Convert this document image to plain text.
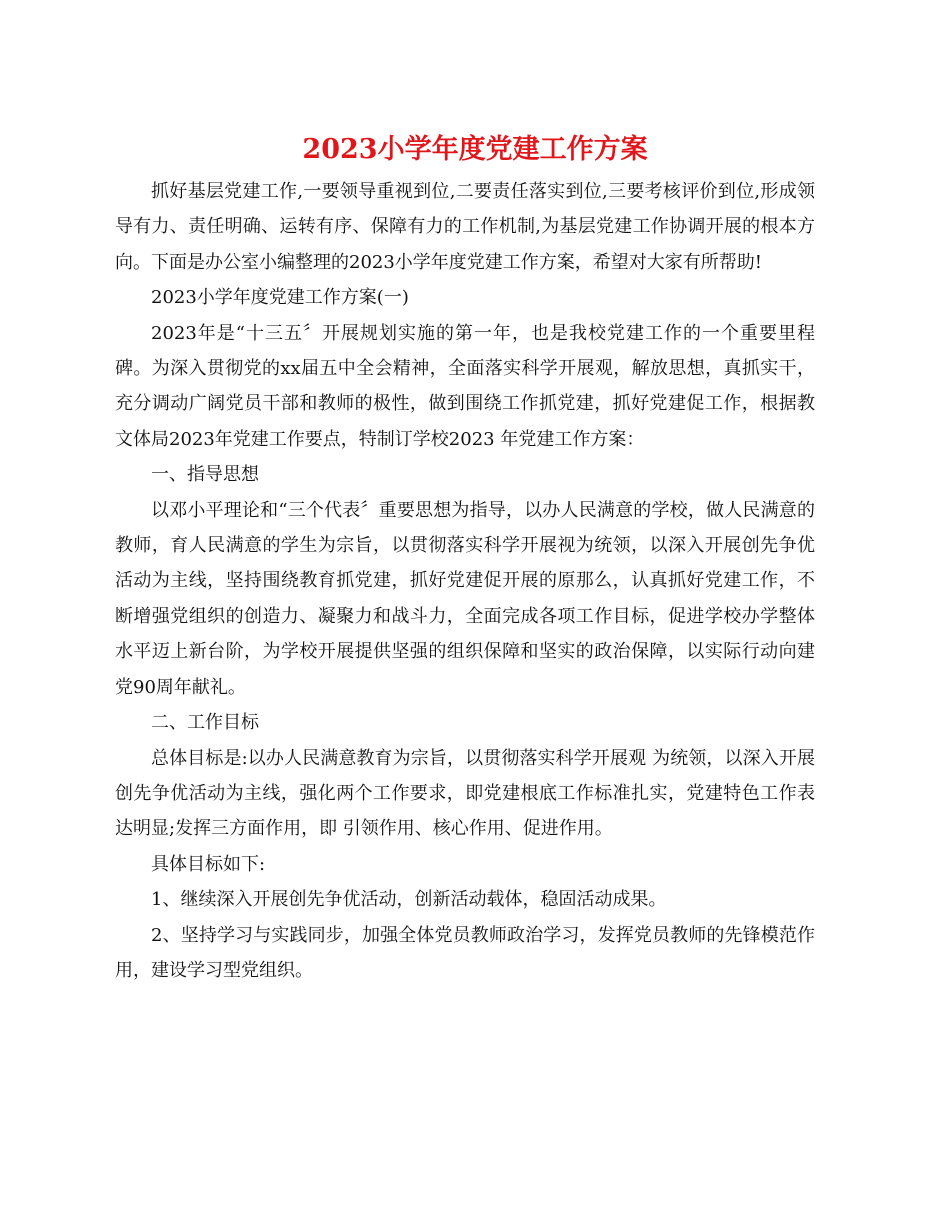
2023小学年度党建工作方案

抓好基层党建工作,一要领导重视到位,二要责任落实到位,三要考核评价到位,形成领导有力、责任明确、运转有序、保障有力的工作机制,为基层党建工作协调开展的根本方向。下面是办公室小编整理的2023小学年度党建工作方案，希望对大家有所帮助!

2023小学年度党建工作方案(一)

2023年是“十三五〞开展规划实施的第一年，也是我校党建工作的一个重要里程碑。为深入贯彻党的xx届五中全会精神，全面落实科学开展观，解放思想，真抓实干，充分调动广阔党员干部和教师的极性，做到围绕工作抓党建，抓好党建促工作，根据教文体局2023年党建工作要点，特制订学校2023 年党建工作方案：

一、指导思想

以邓小平理论和“三个代表〞重要思想为指导，以办人民满意的学校，做人民满意的教师，育人民满意的学生为宗旨，以贯彻落实科学开展视为统领，以深入开展创先争优活动为主线，坚持围绕教育抓党建，抓好党建促开展的原那么，认真抓好党建工作，不断增强党组织的创造力、凝聚力和战斗力，全面完成各项工作目标，促进学校办学整体水平迈上新台阶，为学校开展提供坚强的组织保障和坚实的政治保障，以实际行动向建党90周年献礼。

二、工作目标

总体目标是:以办人民满意教育为宗旨，以贯彻落实科学开展观 为统领，以深入开展创先争优活动为主线，强化两个工作要求，即党建根底工作标准扎实，党建特色工作表达明显;发挥三方面作用，即 引领作用、核心作用、促进作用。

具体目标如下:

1、继续深入开展创先争优活动，创新活动载体，稳固活动成果。

2、坚持学习与实践同步，加强全体党员教师政治学习，发挥党员教师的先锋模范作用，建设学习型党组织。
